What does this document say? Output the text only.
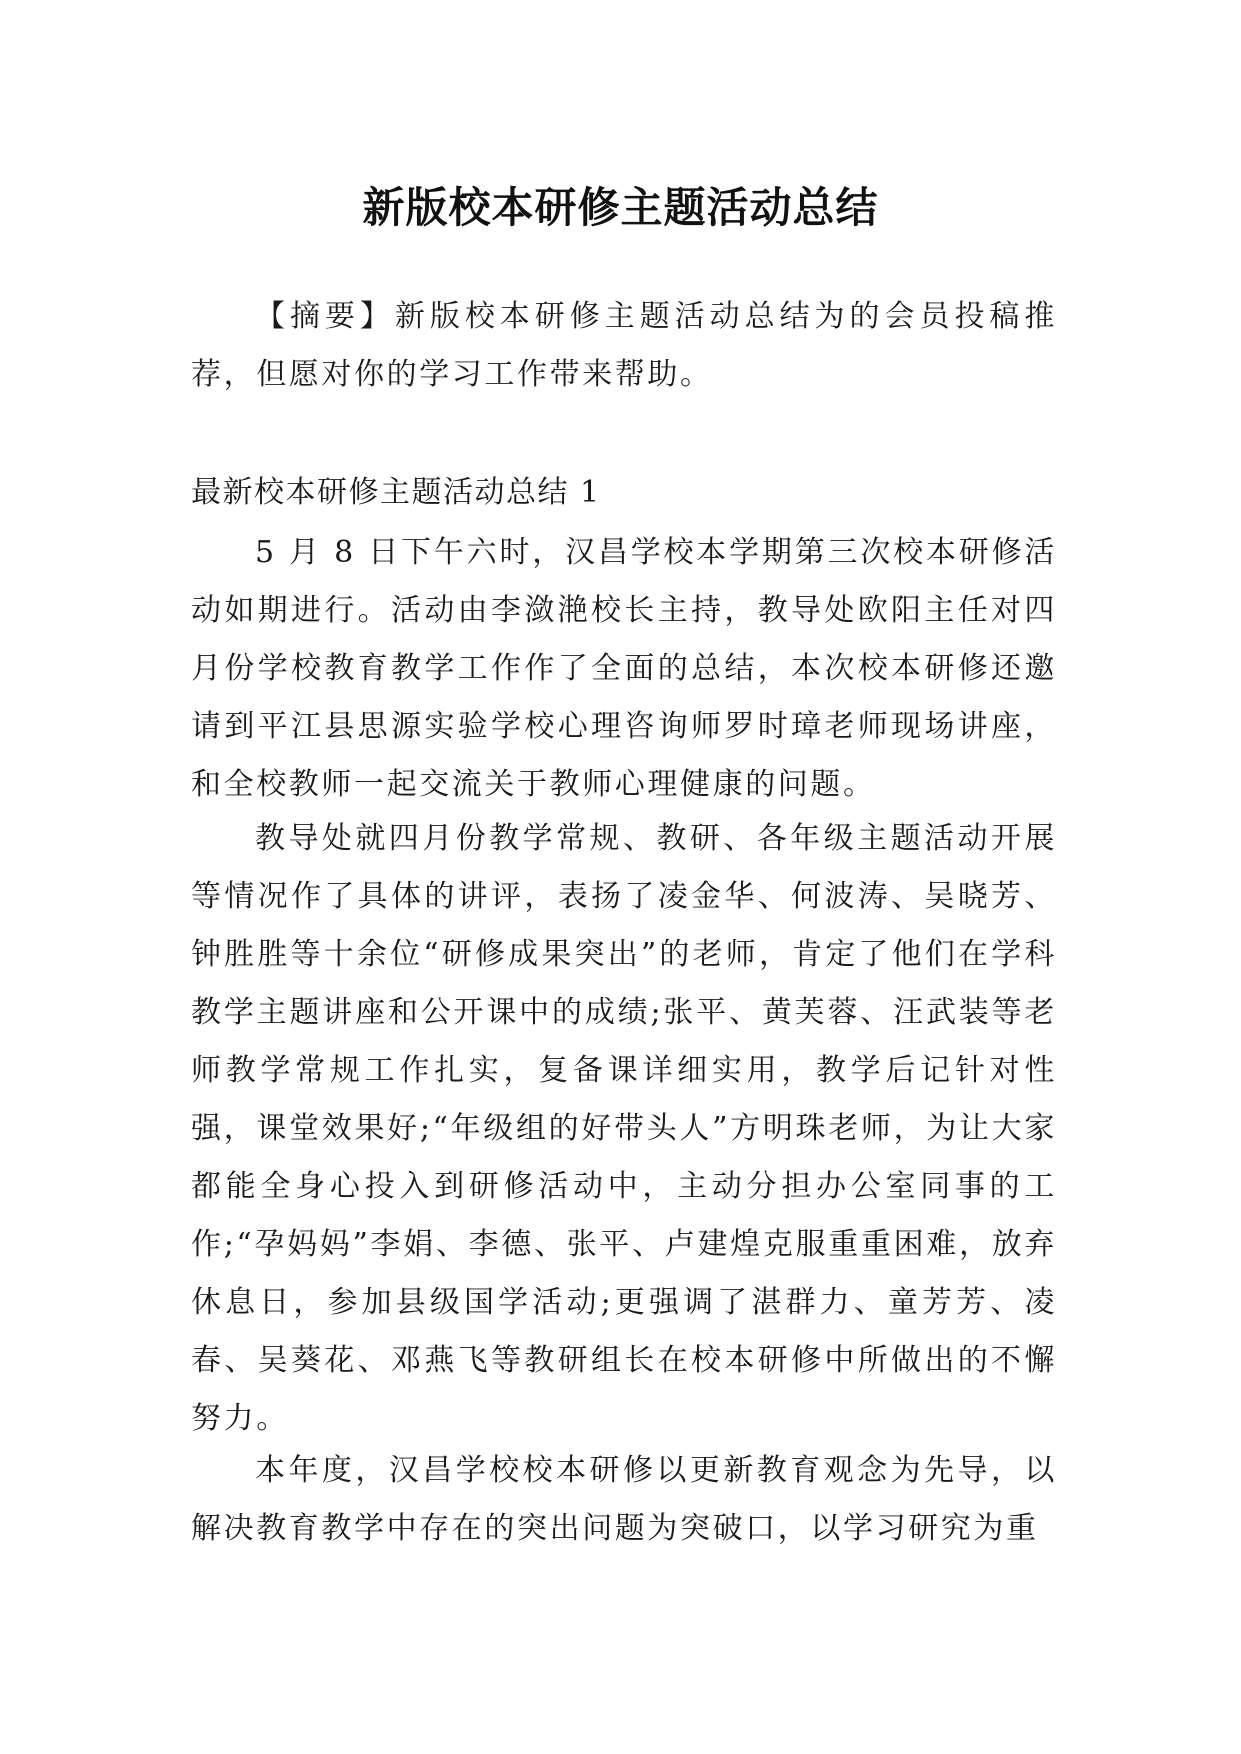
新版校本研修主题活动总结

【摘要】新版校本研修主题活动总结为的会员投稿推荐，但愿对你的学习工作带来帮助。

最新校本研修主题活动总结 1

5 月 8 日下午六时，汉昌学校本学期第三次校本研修活动如期进行。活动由李潋滟校长主持，教导处欧阳主任对四月份学校教育教学工作作了全面的总结，本次校本研修还邀请到平江县思源实验学校心理咨询师罗时璋老师现场讲座，和全校教师一起交流关于教师心理健康的问题。

教导处就四月份教学常规、教研、各年级主题活动开展等情况作了具体的讲评，表扬了凌金华、何波涛、吴晓芳、钟胜胜等十余位“研修成果突出”的老师，肯定了他们在学科教学主题讲座和公开课中的成绩;张平、黄芙蓉、汪武装等老师教学常规工作扎实，复备课详细实用，教学后记针对性强，课堂效果好;“年级组的好带头人”方明珠老师，为让大家都能全身心投入到研修活动中，主动分担办公室同事的工作;“孕妈妈”李娟、李德、张平、卢建煌克服重重困难，放弃休息日，参加县级国学活动;更强调了湛群力、童芳芳、凌春、吴葵花、邓燕飞等教研组长在校本研修中所做出的不懈努力。

本年度，汉昌学校校本研修以更新教育观念为先导，以解决教育教学中存在的突出问题为突破口，以学习研究为重
